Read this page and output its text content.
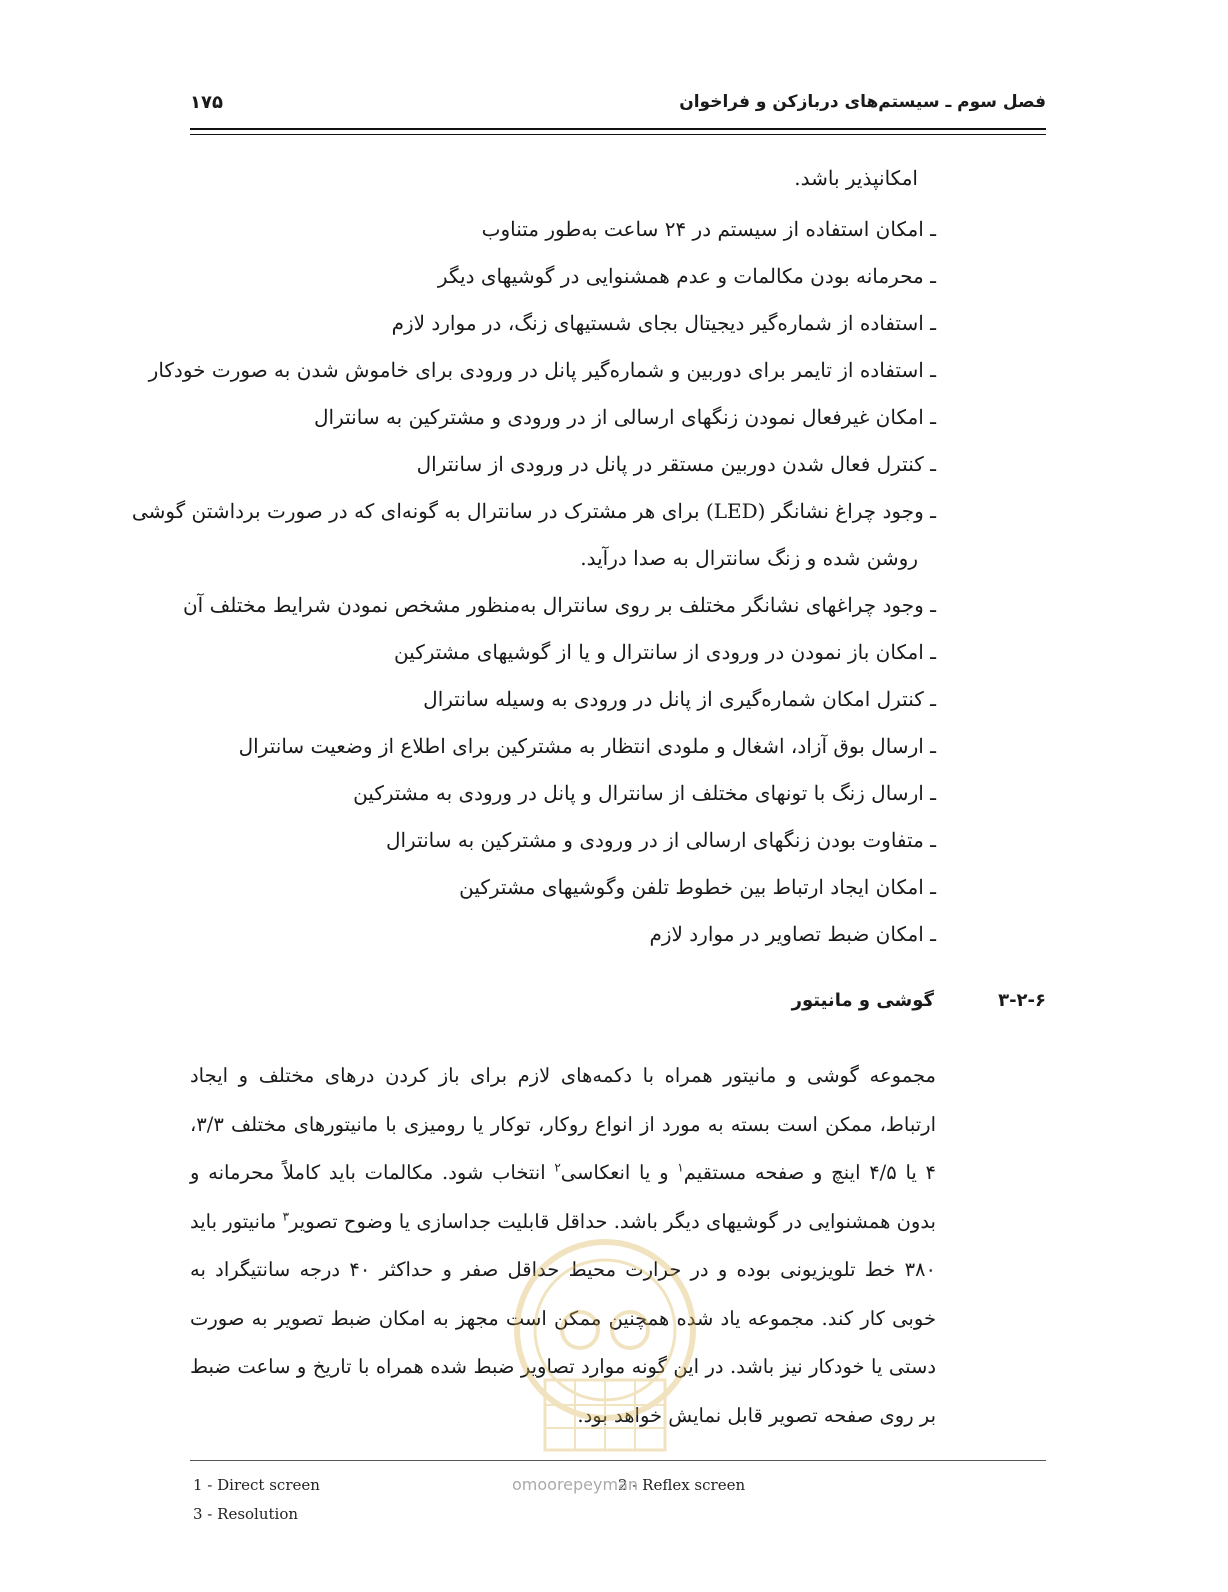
فصل سوم ـ سیستم‌های دربازکن و فراخوان
۱۷۵
امکانپذیر باشد.
ـ امکان استفاده از سیستم در ۲۴ ساعت به‌طور متناوب
ـ محرمانه بودن مکالمات و عدم همشنوایی در گوشیهای دیگر
ـ استفاده از شماره‌گیر دیجیتال بجای شستیهای زنگ، در موارد لازم
ـ استفاده از تایمر برای دوربین و شماره‌گیر پانل در ورودی برای خاموش شدن به صورت خودکار
ـ امکان غیرفعال نمودن زنگهای ارسالی از در ورودی و مشترکین به سانترال
ـ کنترل فعال شدن دوربین مستقر در پانل در ورودی از سانترال
ـ وجود چراغ نشانگر (LED) برای هر مشترک در سانترال به گونه‌ای که در صورت برداشتن گوشی
روشن شده و زنگ سانترال به صدا درآید.
ـ وجود چراغهای نشانگر مختلف بر روی سانترال به‌منظور مشخص نمودن شرایط مختلف آن
ـ امکان باز نمودن در ورودی از سانترال و یا از گوشیهای مشترکین
ـ کنترل امکان شماره‌گیری از پانل در ورودی به وسیله سانترال
ـ ارسال بوق آزاد، اشغال و ملودی انتظار به مشترکین برای اطلاع از وضعیت سانترال
ـ ارسال زنگ با تونهای مختلف از سانترال و پانل در ورودی به مشترکین
ـ متفاوت بودن زنگهای ارسالی از در ورودی و مشترکین به سانترال
ـ امکان ایجاد ارتباط بین خطوط تلفن وگوشیهای مشترکین
ـ امکان ضبط تصاویر در موارد لازم
۳-۲-۶
گوشی و مانیتور

مجموعه گوشی و مانیتور همراه با دکمه‌های لازم برای باز کردن درهای مختلف و ایجاد ارتباط، ممکن است بسته به مورد از انواع روکار، توکار یا رومیزی با مانیتورهای مختلف ۳/۳، ۴ یا ۴/۵ اینچ و صفحه مستقیم$^۱$ و یا انعکاسی$^۲$ انتخاب شود. مکالمات باید کاملاً محرمانه و بدون همشنوایی در گوشیهای دیگر باشد. حداقل قابلیت جداسازی یا وضوح تصویر$^۳$ مانیتور باید ۳۸۰ خط تلویزیونی بوده و در حرارت محیط حداقل صفر و حداکثر ۴۰ درجه سانتیگراد به خوبی کار کند. مجموعه یاد شده همچنین ممکن است مجهز به امکان ضبط تصویر به صورت دستی یا خودکار نیز باشد. در این گونه موارد تصاویر ضبط شده همراه با تاریخ و ساعت ضبط بر روی صفحه تصویر قابل نمایش خواهد بود.

1 - Direct screen	2 - Reflex screen
3 - Resolution
omoorepeyman
